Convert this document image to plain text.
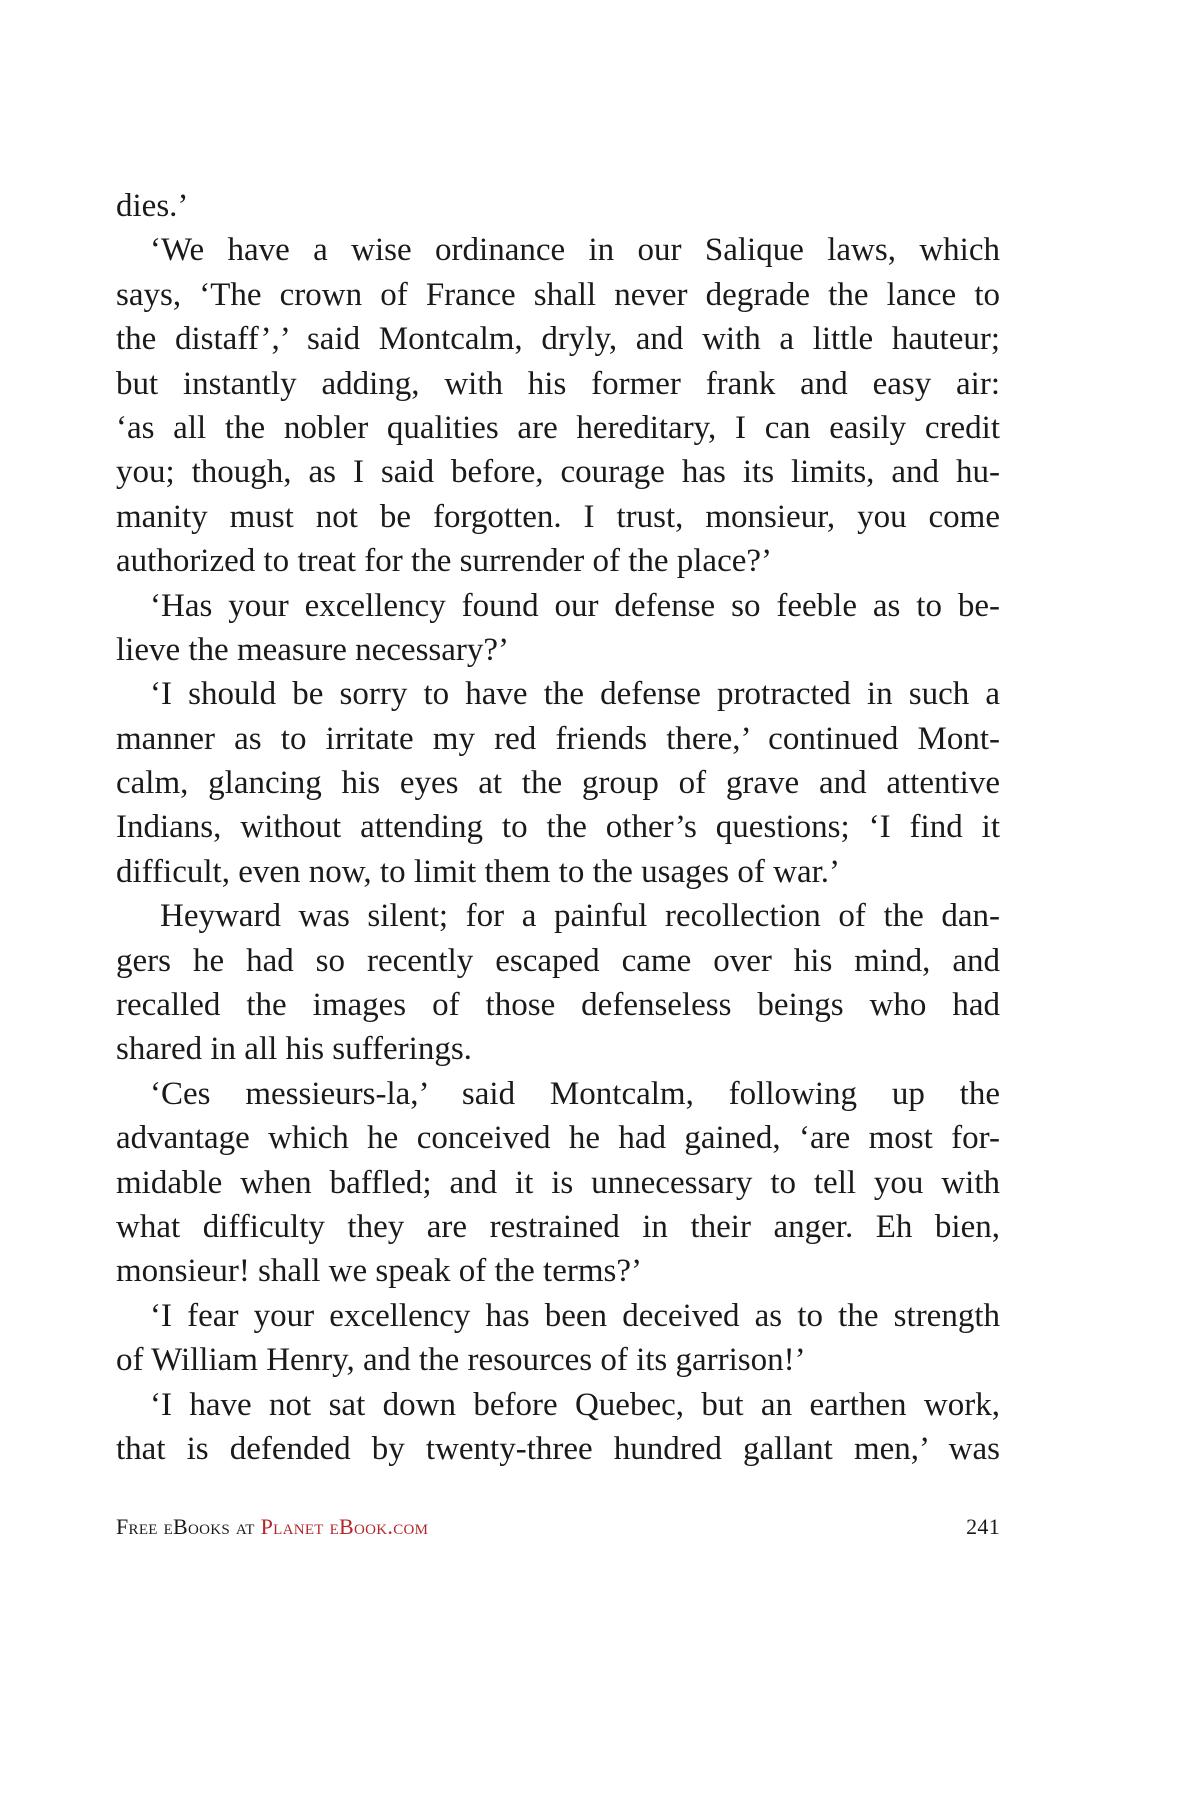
dies.’
‘We have a wise ordinance in our Salique laws, which
says, ‘The crown of France shall never degrade the lance to
the distaff’,’ said Montcalm, dryly, and with a little hauteur;
but instantly adding, with his former frank and easy air:
‘as all the nobler qualities are hereditary, I can easily credit
you; though, as I said before, courage has its limits, and hu-
manity must not be forgotten. I trust, monsieur, you come
authorized to treat for the surrender of the place?’
‘Has your excellency found our defense so feeble as to be-
lieve the measure necessary?’
‘I should be sorry to have the defense protracted in such a
manner as to irritate my red friends there,’ continued Mont-
calm, glancing his eyes at the group of grave and attentive
Indians, without attending to the other’s questions; ‘I find it
difficult, even now, to limit them to the usages of war.’
Heyward was silent; for a painful recollection of the dan-
gers he had so recently escaped came over his mind, and
recalled the images of those defenseless beings who had
shared in all his sufferings.
‘Ces messieurs-la,’ said Montcalm, following up the
advantage which he conceived he had gained, ‘are most for-
midable when baffled; and it is unnecessary to tell you with
what difficulty they are restrained in their anger. Eh bien,
monsieur! shall we speak of the terms?’
‘I fear your excellency has been deceived as to the strength
of William Henry, and the resources of its garrison!’
‘I have not sat down before Quebec, but an earthen work,
that is defended by twenty-three hundred gallant men,’ was
Free eBooks at Planet eBook.com	241
